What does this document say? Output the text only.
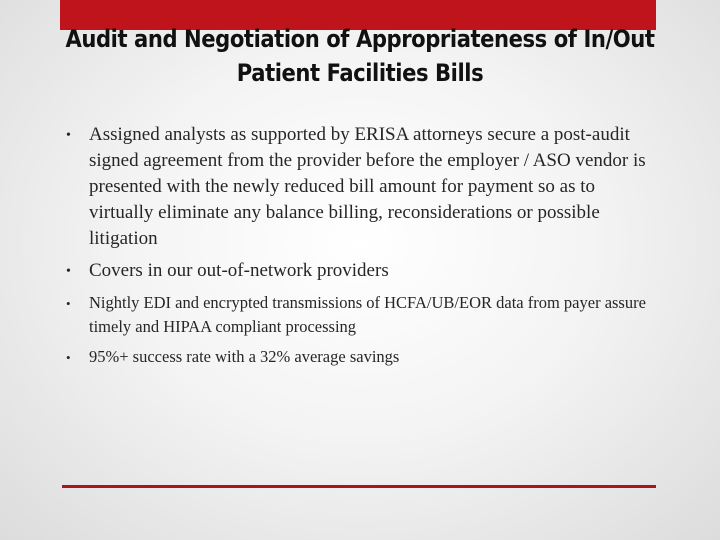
Audit and Negotiation of Appropriateness of In/Out
Patient Facilities Bills
• Assigned analysts as supported by ERISA attorneys secure a post-audit signed agreement from the provider before the employer / ASO vendor is presented with the newly reduced bill amount for payment so as to virtually eliminate any balance billing, reconsiderations or possible litigation
• Covers in our out-of-network providers
• Nightly EDI and encrypted transmissions of HCFA/UB/EOR data from payer assure timely and HIPAA compliant processing
• 95%+ success rate with a 32% average savings
